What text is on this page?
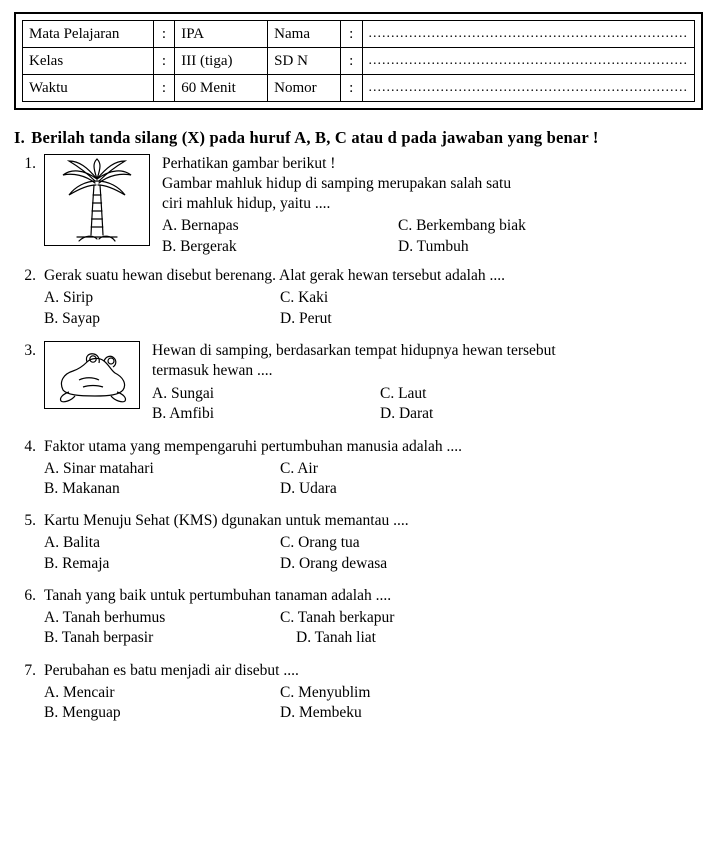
Mata Pelajaran	:	IPA	Nama	:	.......................................................................

Kelas	:	III (tiga)	SD N	:	.......................................................................

Waktu	:	60 Menit	Nomor	:	.......................................................................
I. Berilah tanda silang (X) pada huruf A, B, C atau d pada jawaban yang benar !
1.	Perhatikan gambar berikut !
Gambar mahluk hidup di samping merupakan salah satu
ciri mahluk hidup, yaitu ....
A. Bernapas	C. Berkembang biak
B. Bergerak	D. Tumbuh
2. Gerak suatu hewan disebut berenang. Alat gerak hewan tersebut adalah ....
A. Sirip	C. Kaki
B. Sayap	D. Perut
3.	Hewan di samping, berdasarkan tempat hidupnya hewan tersebut
termasuk hewan ....
A. Sungai	C. Laut
B. Amfibi	D. Darat
4. Faktor utama yang mempengaruhi pertumbuhan manusia adalah ....
A. Sinar matahari	C. Air
B. Makanan	D. Udara
5. Kartu Menuju Sehat (KMS) dgunakan untuk memantau ....
A. Balita	C. Orang tua
B. Remaja	D. Orang dewasa
6. Tanah yang baik untuk pertumbuhan tanaman adalah ....
A. Tanah berhumus	C. Tanah berkapur
B. Tanah berpasir	D. Tanah liat
7. Perubahan es batu menjadi air disebut ....
A. Mencair	C. Menyublim
B. Menguap	D. Membeku
